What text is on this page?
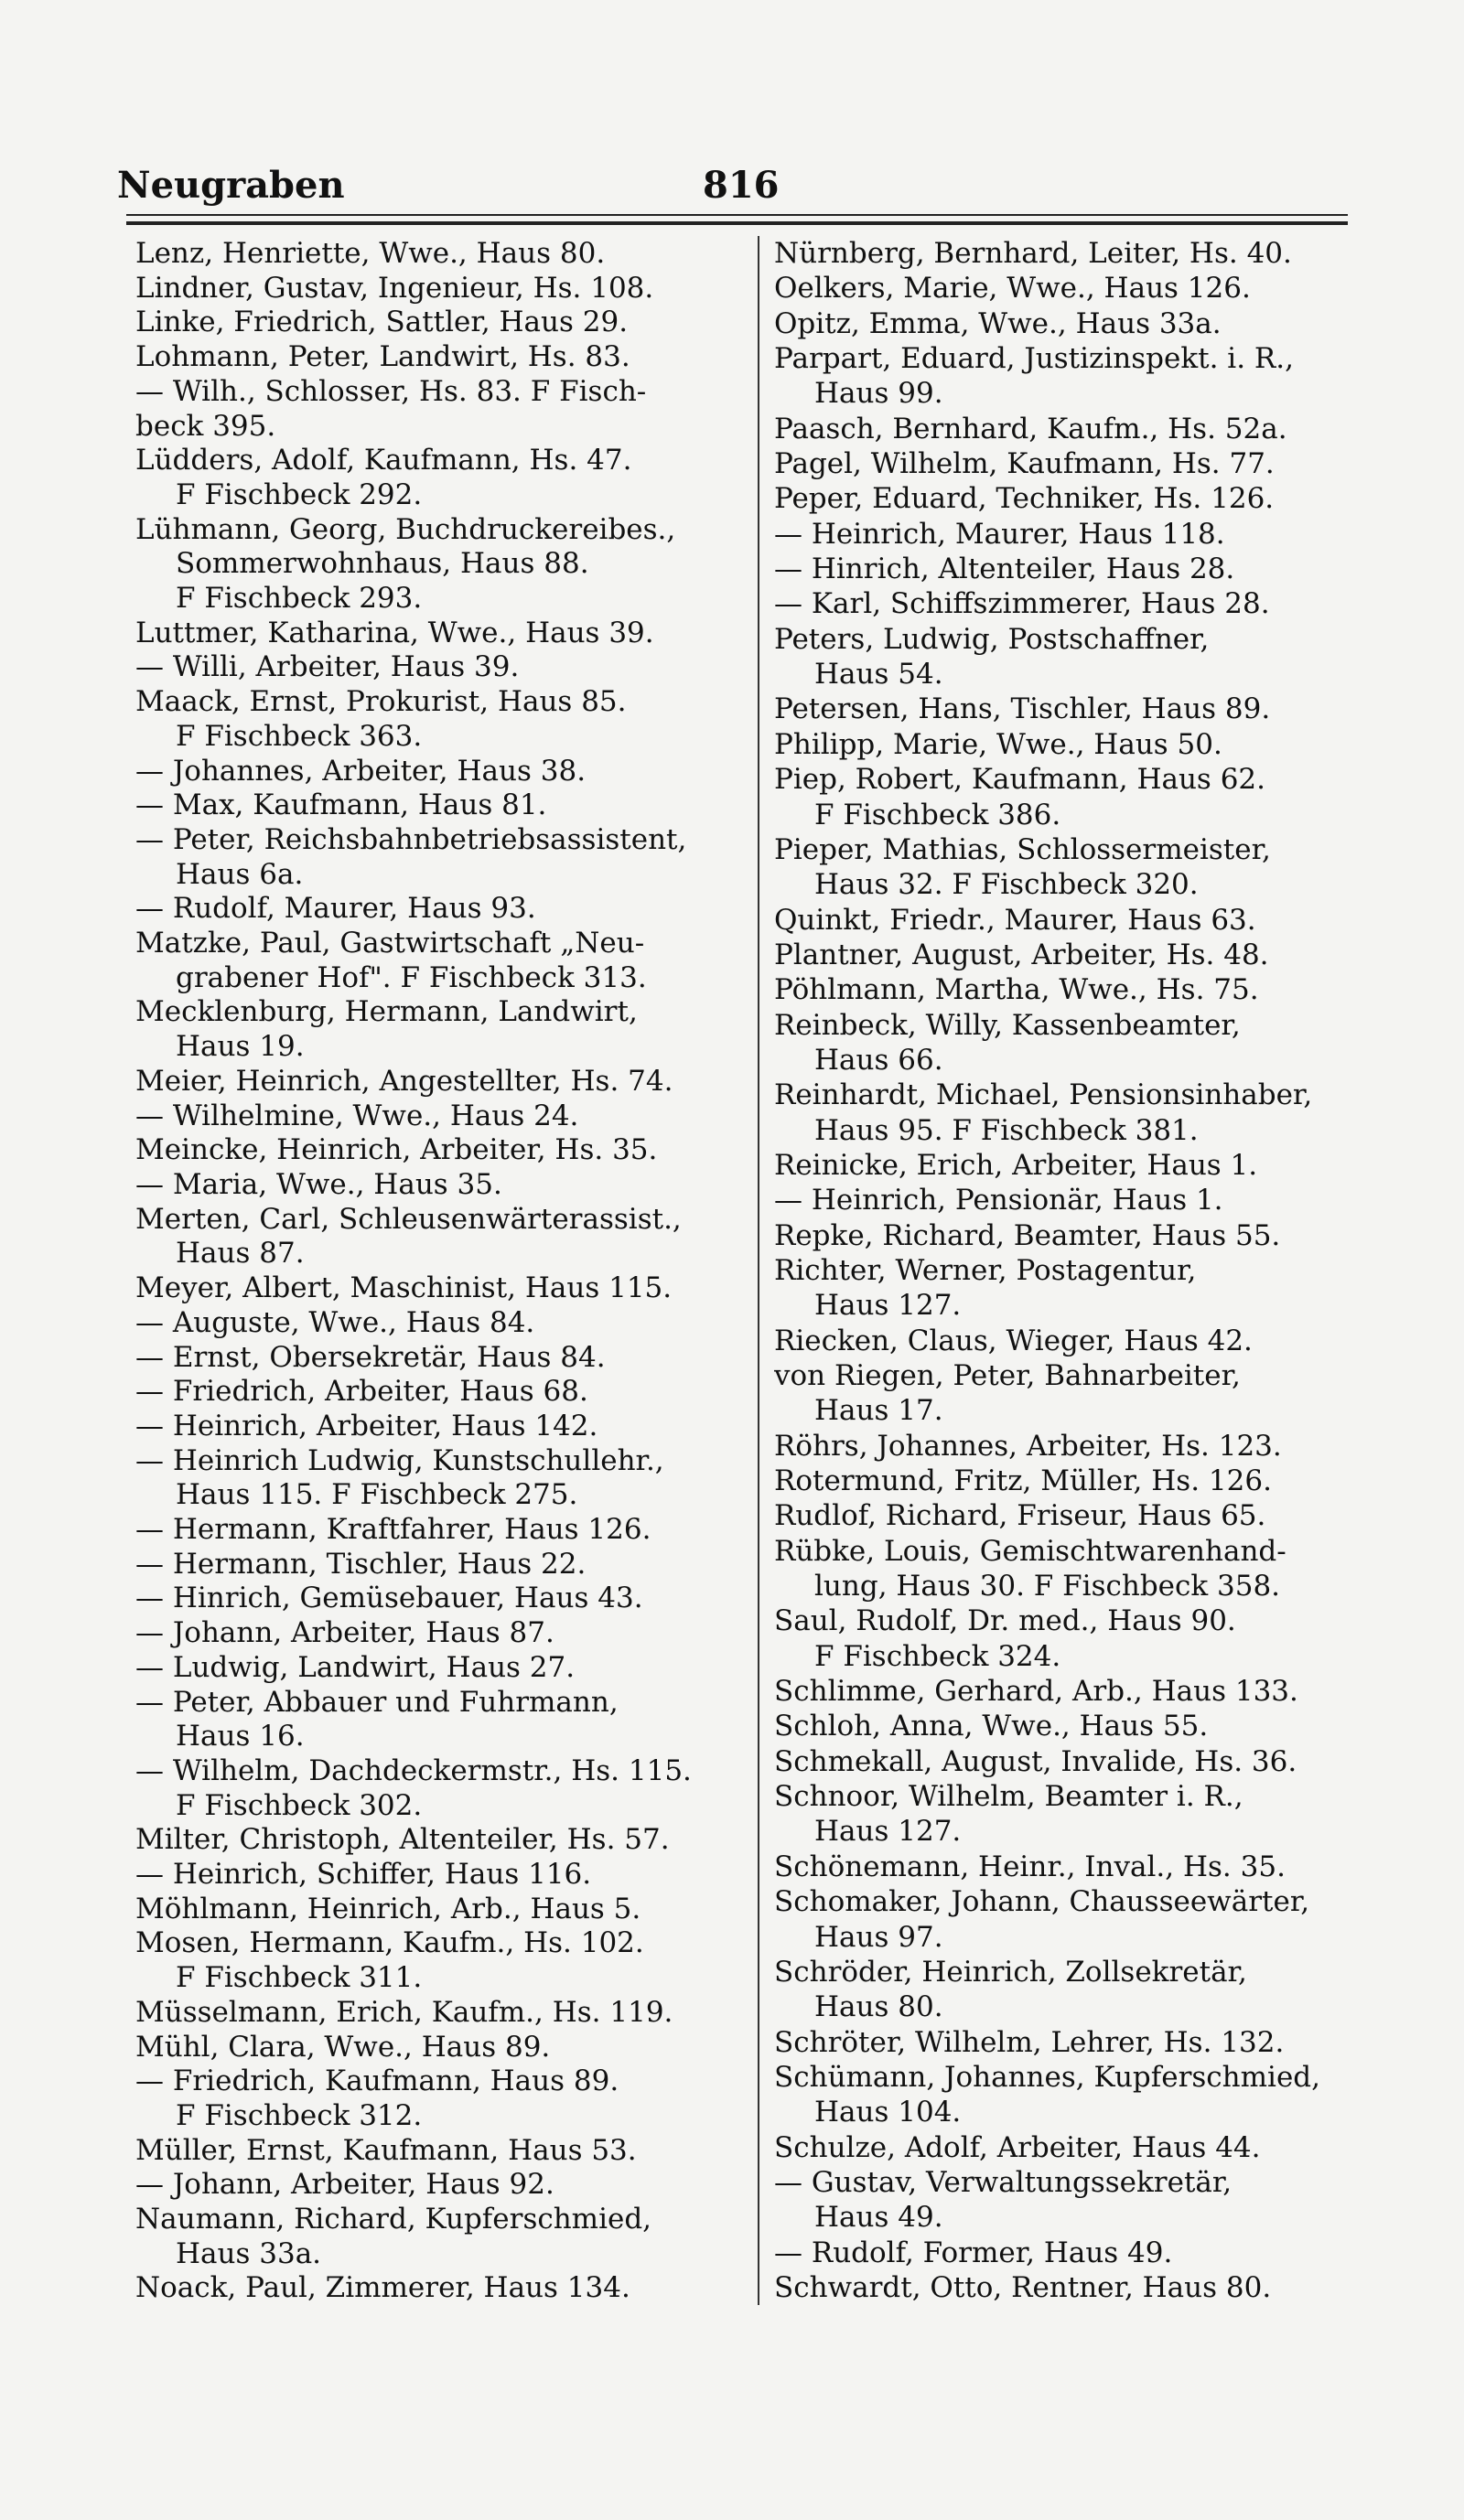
Neugraben	816
Lenz, Henriette, Wwe., Haus 80.
Lindner, Gustav, Ingenieur, Hs. 108.
Linke, Friedrich, Sattler, Haus 29.
Lohmann, Peter, Landwirt, Hs. 83.
— Wilh., Schlosser, Hs. 83. F Fisch-
beck 395.
Lüdders, Adolf, Kaufmann, Hs. 47.
F Fischbeck 292.
Lühmann, Georg, Buchdruckereibes.,
Sommerwohnhaus, Haus 88.
F Fischbeck 293.
Luttmer, Katharina, Wwe., Haus 39.
— Willi, Arbeiter, Haus 39.
Maack, Ernst, Prokurist, Haus 85.
F Fischbeck 363.
— Johannes, Arbeiter, Haus 38.
— Max, Kaufmann, Haus 81.
— Peter, Reichsbahnbetriebsassistent,
Haus 6a.
— Rudolf, Maurer, Haus 93.
Matzke, Paul, Gastwirtschaft „Neu-
grabener Hof". F Fischbeck 313.
Mecklenburg, Hermann, Landwirt,
Haus 19.
Meier, Heinrich, Angestellter, Hs. 74.
— Wilhelmine, Wwe., Haus 24.
Meincke, Heinrich, Arbeiter, Hs. 35.
— Maria, Wwe., Haus 35.
Merten, Carl, Schleusenwärterassist.,
Haus 87.
Meyer, Albert, Maschinist, Haus 115.
— Auguste, Wwe., Haus 84.
— Ernst, Obersekretär, Haus 84.
— Friedrich, Arbeiter, Haus 68.
— Heinrich, Arbeiter, Haus 142.
— Heinrich Ludwig, Kunstschullehr.,
Haus 115. F Fischbeck 275.
— Hermann, Kraftfahrer, Haus 126.
— Hermann, Tischler, Haus 22.
— Hinrich, Gemüsebauer, Haus 43.
— Johann, Arbeiter, Haus 87.
— Ludwig, Landwirt, Haus 27.
— Peter, Abbauer und Fuhrmann,
Haus 16.
— Wilhelm, Dachdeckermstr., Hs. 115.
F Fischbeck 302.
Milter, Christoph, Altenteiler, Hs. 57.
— Heinrich, Schiffer, Haus 116.
Möhlmann, Heinrich, Arb., Haus 5.
Mosen, Hermann, Kaufm., Hs. 102.
F Fischbeck 311.
Müsselmann, Erich, Kaufm., Hs. 119.
Mühl, Clara, Wwe., Haus 89.
— Friedrich, Kaufmann, Haus 89.
F Fischbeck 312.
Müller, Ernst, Kaufmann, Haus 53.
— Johann, Arbeiter, Haus 92.
Naumann, Richard, Kupferschmied,
Haus 33a.
Noack, Paul, Zimmerer, Haus 134.
Nürnberg, Bernhard, Leiter, Hs. 40.
Oelkers, Marie, Wwe., Haus 126.
Opitz, Emma, Wwe., Haus 33a.
Parpart, Eduard, Justizinspekt. i. R.,
Haus 99.
Paasch, Bernhard, Kaufm., Hs. 52a.
Pagel, Wilhelm, Kaufmann, Hs. 77.
Peper, Eduard, Techniker, Hs. 126.
— Heinrich, Maurer, Haus 118.
— Hinrich, Altenteiler, Haus 28.
— Karl, Schiffszimmerer, Haus 28.
Peters, Ludwig, Postschaffner,
Haus 54.
Petersen, Hans, Tischler, Haus 89.
Philipp, Marie, Wwe., Haus 50.
Piep, Robert, Kaufmann, Haus 62.
F Fischbeck 386.
Pieper, Mathias, Schlossermeister,
Haus 32. F Fischbeck 320.
Quinkt, Friedr., Maurer, Haus 63.
Plantner, August, Arbeiter, Hs. 48.
Pöhlmann, Martha, Wwe., Hs. 75.
Reinbeck, Willy, Kassenbeamter,
Haus 66.
Reinhardt, Michael, Pensionsinhaber,
Haus 95. F Fischbeck 381.
Reinicke, Erich, Arbeiter, Haus 1.
— Heinrich, Pensionär, Haus 1.
Repke, Richard, Beamter, Haus 55.
Richter, Werner, Postagentur,
Haus 127.
Riecken, Claus, Wieger, Haus 42.
von Riegen, Peter, Bahnarbeiter,
Haus 17.
Röhrs, Johannes, Arbeiter, Hs. 123.
Rotermund, Fritz, Müller, Hs. 126.
Rudlof, Richard, Friseur, Haus 65.
Rübke, Louis, Gemischtwarenhand-
lung, Haus 30. F Fischbeck 358.
Saul, Rudolf, Dr. med., Haus 90.
F Fischbeck 324.
Schlimme, Gerhard, Arb., Haus 133.
Schloh, Anna, Wwe., Haus 55.
Schmekall, August, Invalide, Hs. 36.
Schnoor, Wilhelm, Beamter i. R.,
Haus 127.
Schönemann, Heinr., Inval., Hs. 35.
Schomaker, Johann, Chausseewärter,
Haus 97.
Schröder, Heinrich, Zollsekretär,
Haus 80.
Schröter, Wilhelm, Lehrer, Hs. 132.
Schümann, Johannes, Kupferschmied,
Haus 104.
Schulze, Adolf, Arbeiter, Haus 44.
— Gustav, Verwaltungssekretär,
Haus 49.
— Rudolf, Former, Haus 49.
Schwardt, Otto, Rentner, Haus 80.
